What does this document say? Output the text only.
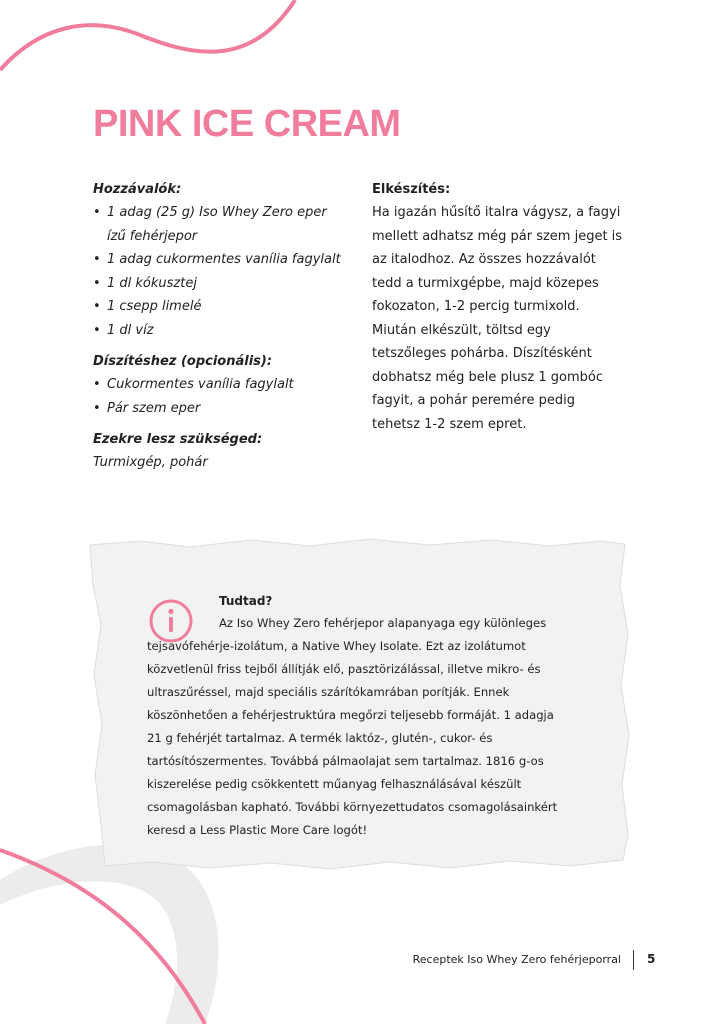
PINK ICE CREAM

Hozzávalók:

• 1 adag (25 g) Iso Whey Zero eper ízű fehérjepor
• 1 adag cukormentes vanília fagylalt
• 1 dl kókusztej
• 1 csepp limelé
• 1 dl víz

Díszítéshez (opcionális):

• Cukormentes vanília fagylalt
• Pár szem eper

Ezekre lesz szükséged:

Turmixgép, pohár

Elkészítés:

Ha igazán hűsítő italra vágysz, a fagyi mellett adhatsz még pár szem jeget is az italodhoz. Az összes hozzávalót tedd a turmixgépbe, majd közepes fokozaton, 1-2 percig turmixold. Miután elkészült, töltsd egy tetszőleges pohárba. Díszítésként dobhatsz még bele plusz 1 gombóc fagyit, a pohár peremére pedig tehetsz 1-2 szem epret.

Tudtad?

Az Iso Whey Zero fehérjepor alapanyaga egy különleges tejsavófehérje-izolátum, a Native Whey Isolate. Ezt az izolátumot közvetlenül friss tejből állítják elő, pasztörizálással, illetve mikro- és ultraszűréssel, majd speciális szárítókamrában porítják. Ennek köszönhetően a fehérjestruktúra megőrzi teljesebb formáját. 1 adagja 21 g fehérjét tartalmaz. A termék laktóz-, glutén-, cukor- és tartósítószermentes. Továbbá pálmaolajat sem tartalmaz. 1816 g-os kiszerelése pedig csökkentett műanyag felhasználásával készült csomagolásban kapható. További környezettudatos csomagolásainkért keresd a Less Plastic More Care logót!

Receptek Iso Whey Zero fehérjeporral 5
